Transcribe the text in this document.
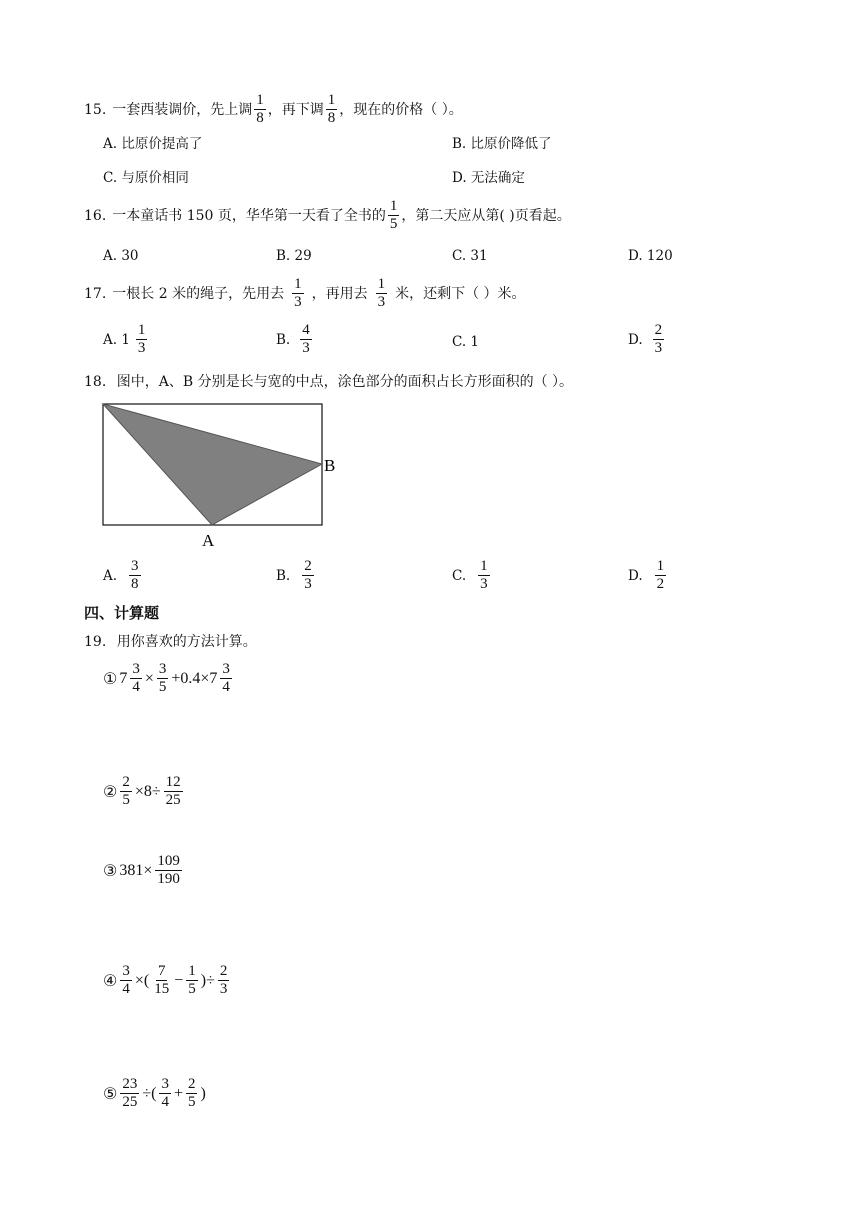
15. 一套西装调价，先上调 $\frac{1}{8}$ ，再下调 $\frac{1}{8}$ ，现在的价格（ ）。
A. 比原价提高了	B. 比原价降低了
C. 与原价相同	D. 无法确定
16. 一本童话书 150 页，华华第一天看了全书的 $\frac{1}{5}$ ，第二天应从第( )页看起。
A. 30	B. 29	C. 31	D. 120
17. 一根长 2 米的绳子，先用去 $\frac{1}{3}$ ，再用去 $\frac{1}{3}$ 米，还剩下（ ）米。
A. $1 \frac{1}{3}$	B. $\frac{4}{3}$	C. 1	D. $\frac{2}{3}$
18. 图中，A、B 分别是长与宽的中点，涂色部分的面积占长方形面积的（ ）。
B
A
A. $\frac{3}{8}$	B. $\frac{2}{3}$	C. $\frac{1}{3}$	D. $\frac{1}{2}$
四、计算题
19. 用你喜欢的方法计算。
① $7 \frac{3}{4} \times \frac{3}{5} +0.4\times 7 \frac{3}{4}$
② $\frac{2}{5} \times 8\div \frac{12}{25}$
③ $381\times \frac{109}{190}$
④ $\frac{3}{4}$ ×( $\frac{7}{15} - \frac{1}{5}$ )÷ $\frac{2}{3}$
⑤ $\frac{23}{25}$ ÷( $\frac{3}{4} + \frac{2}{5}$ )
